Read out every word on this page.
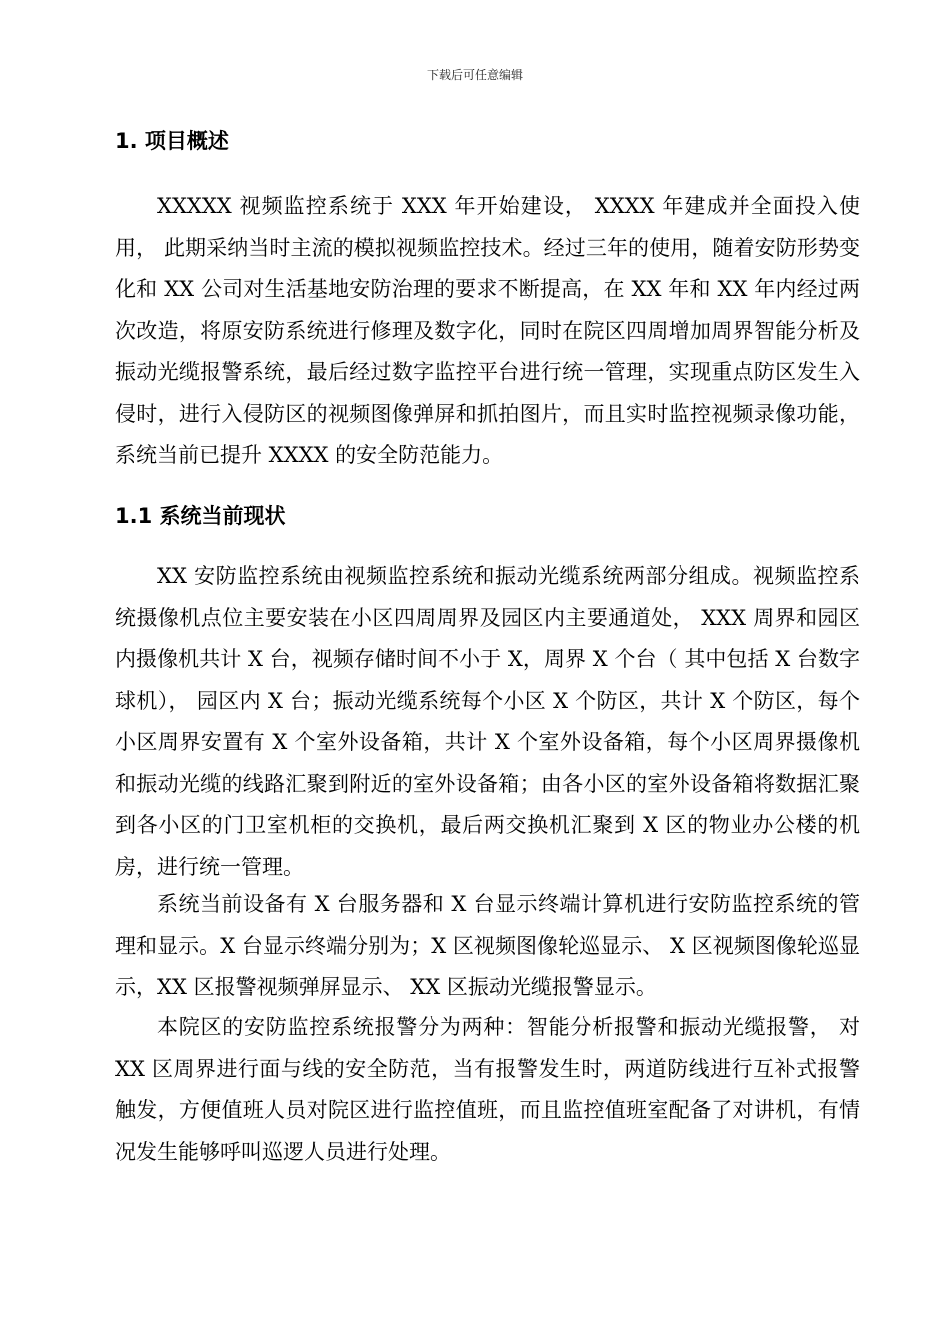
下载后可任意编辑
1. 项目概述

XXXXX 视频监控系统于 XXX 年开始建设， XXXX 年建成并全面投入使用， 此期采纳当时主流的模拟视频监控技术。经过三年的使用，随着安防形势变化和 XX 公司对生活基地安防治理的要求不断提高，在 XX 年和 XX 年内经过两次改造，将原安防系统进行修理及数字化，同时在院区四周增加周界智能分析及振动光缆报警系统，最后经过数字监控平台进行统一管理，实现重点防区发生入侵时，进行入侵防区的视频图像弹屏和抓拍图片，而且实时监控视频录像功能，系统当前已提升 XXXX 的安全防范能力。

1.1 系统当前现状

XX 安防监控系统由视频监控系统和振动光缆系统两部分组成。视频监控系统摄像机点位主要安装在小区四周周界及园区内主要通道处， XXX 周界和园区内摄像机共计 X 台，视频存储时间不小于 X，周界 X 个台（ 其中包括 X 台数字球机）， 园区内 X 台；振动光缆系统每个小区 X 个防区，共计 X 个防区，每个小区周界安置有 X 个室外设备箱，共计 X 个室外设备箱，每个小区周界摄像机和振动光缆的线路汇聚到附近的室外设备箱；由各小区的室外设备箱将数据汇聚到各小区的门卫室机柜的交换机，最后两交换机汇聚到 X 区的物业办公楼的机房，进行统一管理。

系统当前设备有 X 台服务器和 X 台显示终端计算机进行安防监控系统的管理和显示。X 台显示终端分别为；X 区视频图像轮巡显示、 X 区视频图像轮巡显示，XX 区报警视频弹屏显示、 XX 区振动光缆报警显示。

本院区的安防监控系统报警分为两种：智能分析报警和振动光缆报警， 对 XX 区周界进行面与线的安全防范，当有报警发生时，两道防线进行互补式报警触发，方便值班人员对院区进行监控值班，而且监控值班室配备了对讲机，有情况发生能够呼叫巡逻人员进行处理。
